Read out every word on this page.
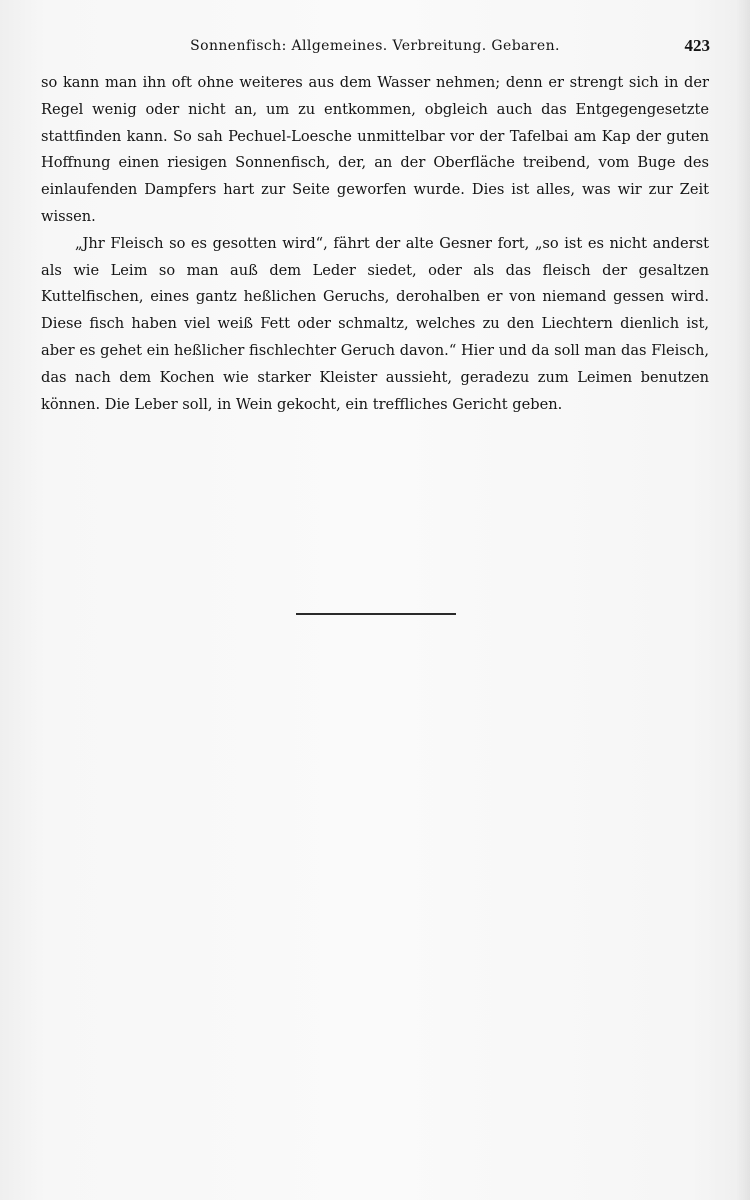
Sonnenfisch: Allgemeines. Verbreitung. Gebaren.	423

so kann man ihn oft ohne weiteres aus dem Wasser nehmen; denn er strengt sich in der Regel wenig oder nicht an, um zu entkommen, obgleich auch das Entgegengesetzte stattfinden kann. So sah Pechuel-Loesche unmittelbar vor der Tafelbai am Kap der guten Hoffnung einen riesigen Sonnenfisch, der, an der Oberfläche treibend, vom Buge des einlaufenden Dampfers hart zur Seite geworfen wurde. Dies ist alles, was wir zur Zeit wissen.

„Jhr Fleisch so es gesotten wird“, fährt der alte Gesner fort, „so ist es nicht anderst als wie Leim so man auß dem Leder siedet, oder als das fleisch der gesaltzen Kuttelfischen, eines gantz heßlichen Geruchs, derohalben er von niemand gessen wird. Diese fisch haben viel weiß Fett oder schmaltz, welches zu den Liechtern dienlich ist, aber es gehet ein heßlicher fischlechter Geruch davon.“ Hier und da soll man das Fleisch, das nach dem Kochen wie starker Kleister aussieht, geradezu zum Leimen benutzen können. Die Leber soll, in Wein gekocht, ein treffliches Gericht geben.
